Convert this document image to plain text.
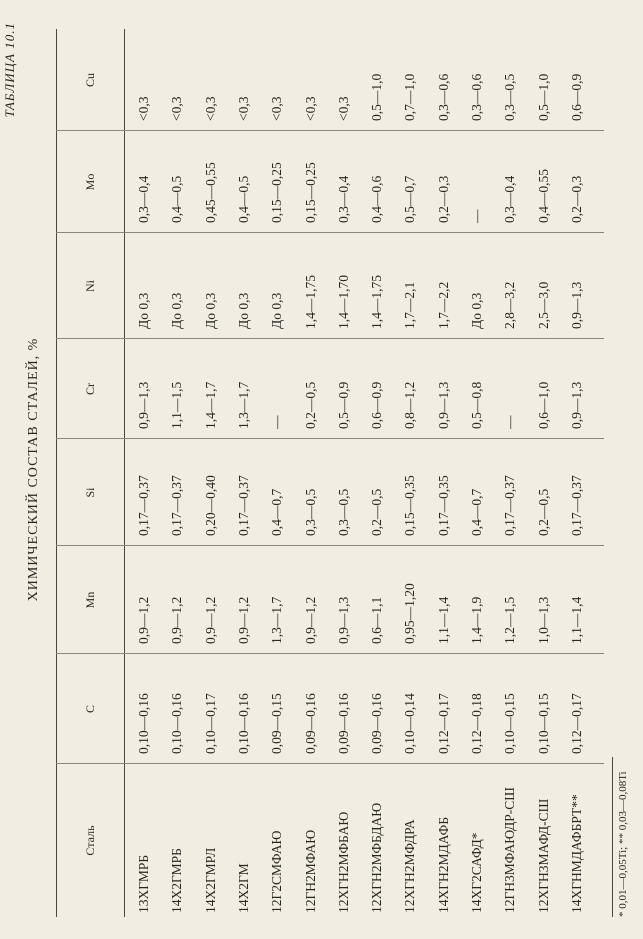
ТАБЛИЦА 10.1
ХИМИЧЕСКИЙ СОСТАВ СТАЛЕЙ, %
Сталь
C
Mn
Si
Cr
Ni
Mo
Cu
13ХГМРБ
0,10—0,16
0,9—1,2
0,17—0,37
0,9—1,3
До 0,3
0,3—0,4
<0,3
14Х2ГМРБ
0,10—0,16
0,9—1,2
0,17—0,37
1,1—1,5
До 0,3
0,4—0,5
<0,3
14Х2ГМРЛ
0,10—0,17
0,9—1,2
0,20—0,40
1,4—1,7
До 0,3
0,45—0,55
<0,3
14Х2ГМ
0,10—0,16
0,9—1,2
0,17—0,37
1,3—1,7
До 0,3
0,4—0,5
<0,3
12Г2СМФАЮ
0,09—0,15
1,3—1,7
0,4—0,7
—
До 0,3
0,15—0,25
<0,3
12ГН2МФАЮ
0,09—0,16
0,9—1,2
0,3—0,5
0,2—0,5
1,4—1,75
0,15—0,25
<0,3
12ХГН2МФБАЮ
0,09—0,16
0,9—1,3
0,3—0,5
0,5—0,9
1,4—1,70
0,3—0,4
<0,3
12ХГН2МФБДАЮ
0,09—0,16
0,6—1,1
0,2—0,5
0,6—0,9
1,4—1,75
0,4—0,6
0,5—1,0
12ХГН2МФДРА
0,10—0,14
0,95—1,20
0,15—0,35
0,8—1,2
1,7—2,1
0,5—0,7
0,7—1,0
14ХГН2МДАФБ
0,12—0,17
1,1—1,4
0,17—0,35
0,9—1,3
1,7—2,2
0,2—0,3
0,3—0,6
14ХГ2САФД*
0,12—0,18
1,4—1,9
0,4—0,7
0,5—0,8
До 0,3
—
0,3—0,6
12ГН3МФАЮДР-СШ
0,10—0,15
1,2—1,5
0,17—0,37
—
2,8—3,2
0,3—0,4
0,3—0,5
12ХГН3МАФД-СШ
0,10—0,15
1,0—1,3
0,2—0,5
0,6—1,0
2,5—3,0
0,4—0,55
0,5—1,0
14ХГНМДАФБРТ**
0,12—0,17
1,1—1,4
0,17—0,37
0,9—1,3
0,9—1,3
0,2—0,3
0,6—0,9
* 0,01—0,05Ti; ** 0,03—0,08Ti
